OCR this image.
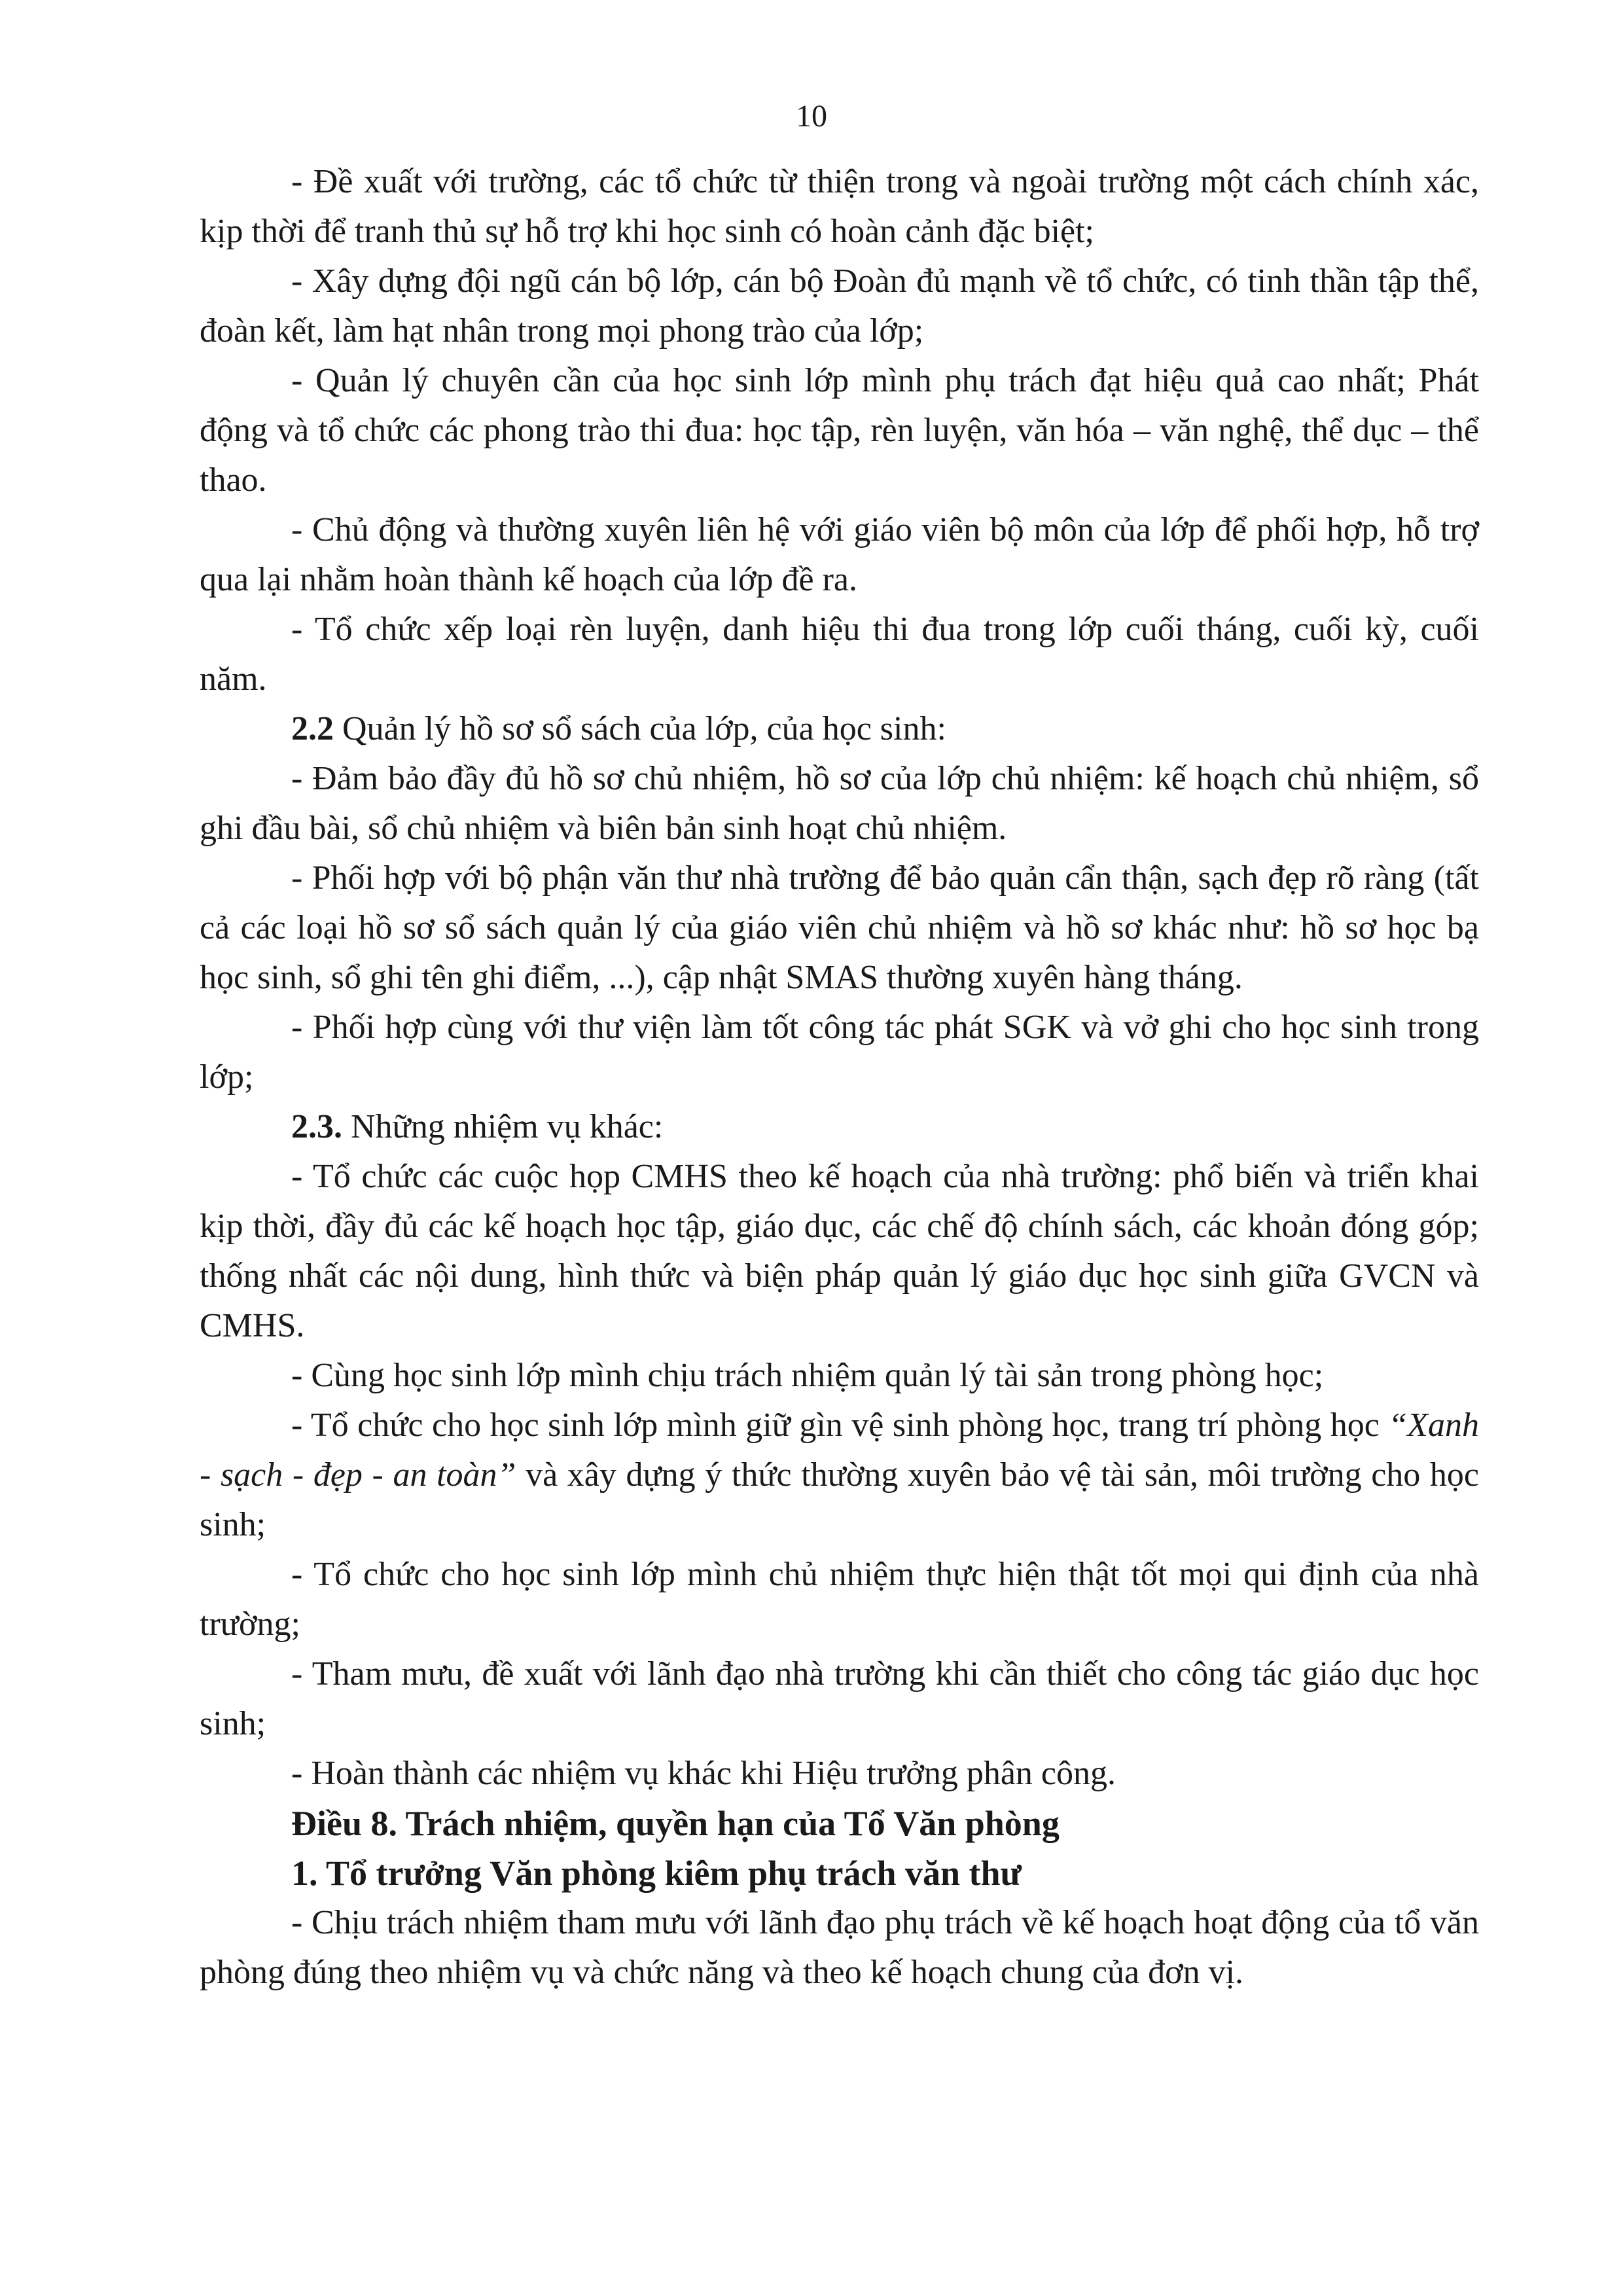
10

- Đề xuất với trường, các tổ chức từ thiện trong và ngoài trường một cách chính xác, kịp thời để tranh thủ sự hỗ trợ khi học sinh có hoàn cảnh đặc biệt;

- Xây dựng đội ngũ cán bộ lớp, cán bộ Đoàn đủ mạnh về tổ chức, có tinh thần tập thể, đoàn kết, làm hạt nhân trong mọi phong trào của lớp;

- Quản lý chuyên cần của học sinh lớp mình phụ trách đạt hiệu quả cao nhất; Phát động và tổ chức các phong trào thi đua: học tập, rèn luyện, văn hóa – văn nghệ, thể dục – thể thao.

- Chủ động và thường xuyên liên hệ với giáo viên bộ môn của lớp để phối hợp, hỗ trợ qua lại nhằm hoàn thành kế hoạch của lớp đề ra.

- Tổ chức xếp loại rèn luyện, danh hiệu thi đua trong lớp cuối tháng, cuối kỳ, cuối năm.

2.2 Quản lý hồ sơ sổ sách của lớp, của học sinh:

- Đảm bảo đầy đủ hồ sơ chủ nhiệm, hồ sơ của lớp chủ nhiệm: kế hoạch chủ nhiệm, sổ ghi đầu bài, sổ chủ nhiệm và biên bản sinh hoạt chủ nhiệm.

- Phối hợp với bộ phận văn thư nhà trường để bảo quản cẩn thận, sạch đẹp rõ ràng (tất cả các loại hồ sơ sổ sách quản lý của giáo viên chủ nhiệm và hồ sơ khác như: hồ sơ học bạ học sinh, sổ ghi tên ghi điểm, ...), cập nhật SMAS thường xuyên hàng tháng.

- Phối hợp cùng với thư viện làm tốt công tác phát SGK và vở ghi cho học sinh trong lớp;

2.3. Những nhiệm vụ khác:

- Tổ chức các cuộc họp CMHS theo kế hoạch của nhà trường: phổ biến và triển khai kịp thời, đầy đủ các kế hoạch học tập, giáo dục, các chế độ chính sách, các khoản đóng góp; thống nhất các nội dung, hình thức và biện pháp quản lý giáo dục học sinh giữa GVCN và CMHS.

- Cùng học sinh lớp mình chịu trách nhiệm quản lý tài sản trong phòng học;

- Tổ chức cho học sinh lớp mình giữ gìn vệ sinh phòng học, trang trí phòng học “Xanh - sạch - đẹp - an toàn” và xây dựng ý thức thường xuyên bảo vệ tài sản, môi trường cho học sinh;

- Tổ chức cho học sinh lớp mình chủ nhiệm thực hiện thật tốt mọi qui định của nhà trường;

- Tham mưu, đề xuất với lãnh đạo nhà trường khi cần thiết cho công tác giáo dục học sinh;

- Hoàn thành các nhiệm vụ khác khi Hiệu trưởng phân công.

Điều 8. Trách nhiệm, quyền hạn của Tổ Văn phòng

1. Tổ trưởng Văn phòng kiêm phụ trách văn thư

- Chịu trách nhiệm tham mưu với lãnh đạo phụ trách về kế hoạch hoạt động của tổ văn phòng đúng theo nhiệm vụ và chức năng và theo kế hoạch chung của đơn vị.
